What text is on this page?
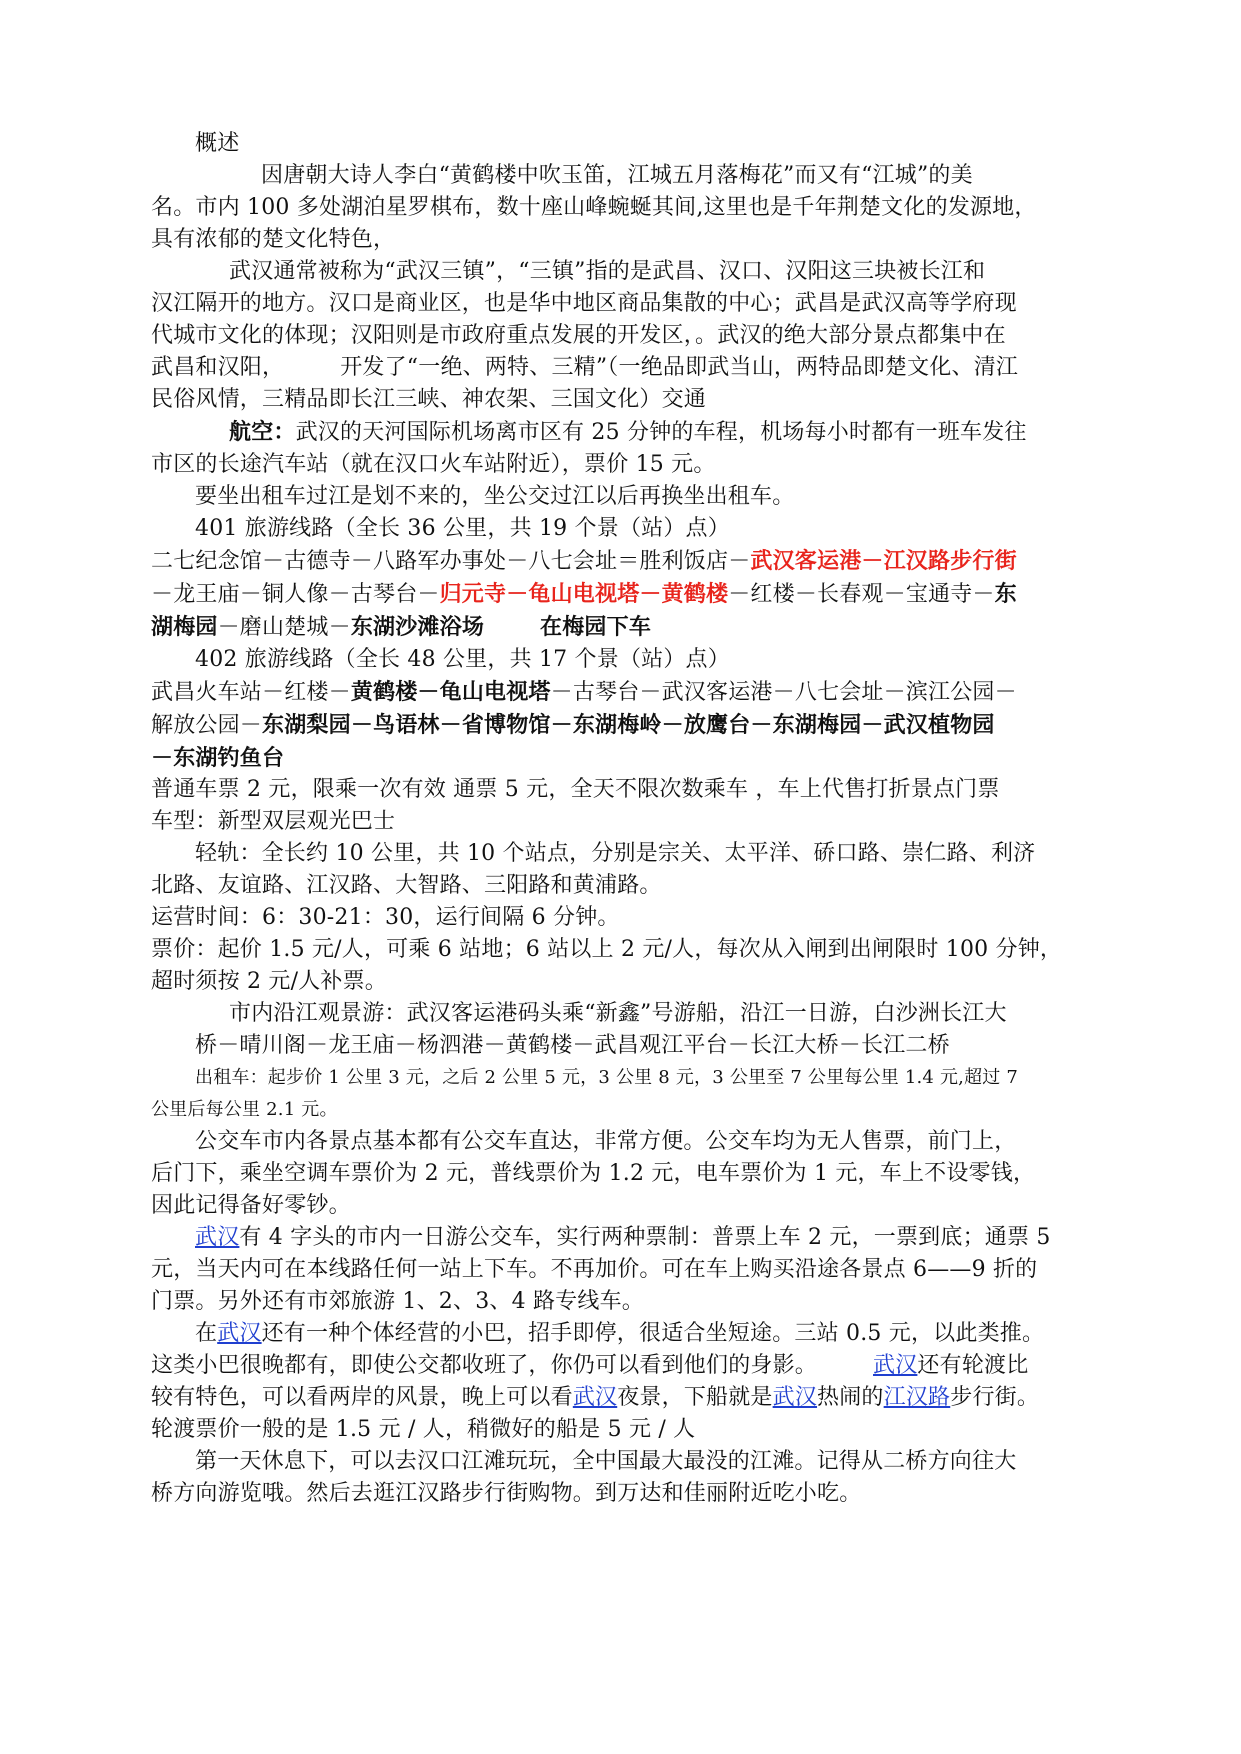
概述

因唐朝大诗人李白“黄鹤楼中吹玉笛，江城五月落梅花”而又有“江城”的美

名。市内 100 多处湖泊星罗棋布，数十座山峰蜿蜒其间,这里也是千年荆楚文化的发源地，

具有浓郁的楚文化特色，

武汉通常被称为“武汉三镇”，“三镇”指的是武昌、汉口、汉阳这三块被长江和

汉江隔开的地方。汉口是商业区，也是华中地区商品集散的中心；武昌是武汉高等学府现

代城市文化的体现；汉阳则是市政府重点发展的开发区，。武汉的绝大部分景点都集中在

武昌和汉阳，	开发了“一绝、两特、三精”（一绝品即武当山，两特品即楚文化、清江

民俗风情，三精品即长江三峡、神农架、三国文化）交通

航空：武汉的天河国际机场离市区有 25 分钟的车程，机场每小时都有一班车发往

市区的长途汽车站（就在汉口火车站附近），票价 15 元。

要坐出租车过江是划不来的，坐公交过江以后再换坐出租车。

401 旅游线路（全长 36 公里，共 19 个景（站）点）

二七纪念馆－古德寺－八路军办事处－八七会址＝胜利饭店－武汉客运港－江汉路步行街

－龙王庙－铜人像－古琴台－归元寺－龟山电视塔－黄鹤楼－红楼－长春观－宝通寺－东

湖梅园－磨山楚城－东湖沙滩浴场	在梅园下车

402 旅游线路（全长 48 公里，共 17 个景（站）点）

武昌火车站－红楼－黄鹤楼－龟山电视塔－古琴台－武汉客运港－八七会址－滨江公园－

解放公园－东湖梨园－鸟语林－省博物馆－东湖梅岭－放鹰台－东湖梅园－武汉植物园

－东湖钓鱼台

普通车票 2 元，限乘一次有效 通票 5 元，全天不限次数乘车 ，车上代售打折景点门票

车型：新型双层观光巴士

轻轨：全长约 10 公里，共 10 个站点，分别是宗关、太平洋、硚口路、崇仁路、利济

北路、友谊路、江汉路、大智路、三阳路和黄浦路。

运营时间：6：30-21：30，运行间隔 6 分钟。

票价：起价 1.5 元/人，可乘 6 站地；6 站以上 2 元/人，每次从入闸到出闸限时 100 分钟，

超时须按 2 元/人补票。

市内沿江观景游：武汉客运港码头乘“新鑫”号游船，沿江一日游，白沙洲长江大

桥－晴川阁－龙王庙－杨泗港－黄鹤楼－武昌观江平台－长江大桥－长江二桥

出租车：起步价 1 公里 3 元，之后 2 公里 5 元，3 公里 8 元，3 公里至 7 公里每公里 1.4 元,超过 7

公里后每公里 2.1 元。

公交车市内各景点基本都有公交车直达，非常方便。公交车均为无人售票，前门上，

后门下，乘坐空调车票价为 2 元，普线票价为 1.2 元，电车票价为 1 元，车上不设零钱，

因此记得备好零钞。

武汉有 4 字头的市内一日游公交车，实行两种票制：普票上车 2 元，一票到底；通票 5

元，当天内可在本线路任何一站上下车。不再加价。可在车上购买沿途各景点 6——9 折的

门票。另外还有市郊旅游 1、2、3、4 路专线车。

在武汉还有一种个体经营的小巴，招手即停，很适合坐短途。三站 0.5 元，以此类推。

这类小巴很晚都有，即使公交都收班了，你仍可以看到他们的身影。	武汉还有轮渡比

较有特色，可以看两岸的风景，晚上可以看武汉夜景，下船就是武汉热闹的江汉路步行街。

轮渡票价一般的是 1.5 元 / 人，稍微好的船是 5 元 / 人

第一天休息下，可以去汉口江滩玩玩，全中国最大最没的江滩。记得从二桥方向往大

桥方向游览哦。然后去逛江汉路步行街购物。到万达和佳丽附近吃小吃。
